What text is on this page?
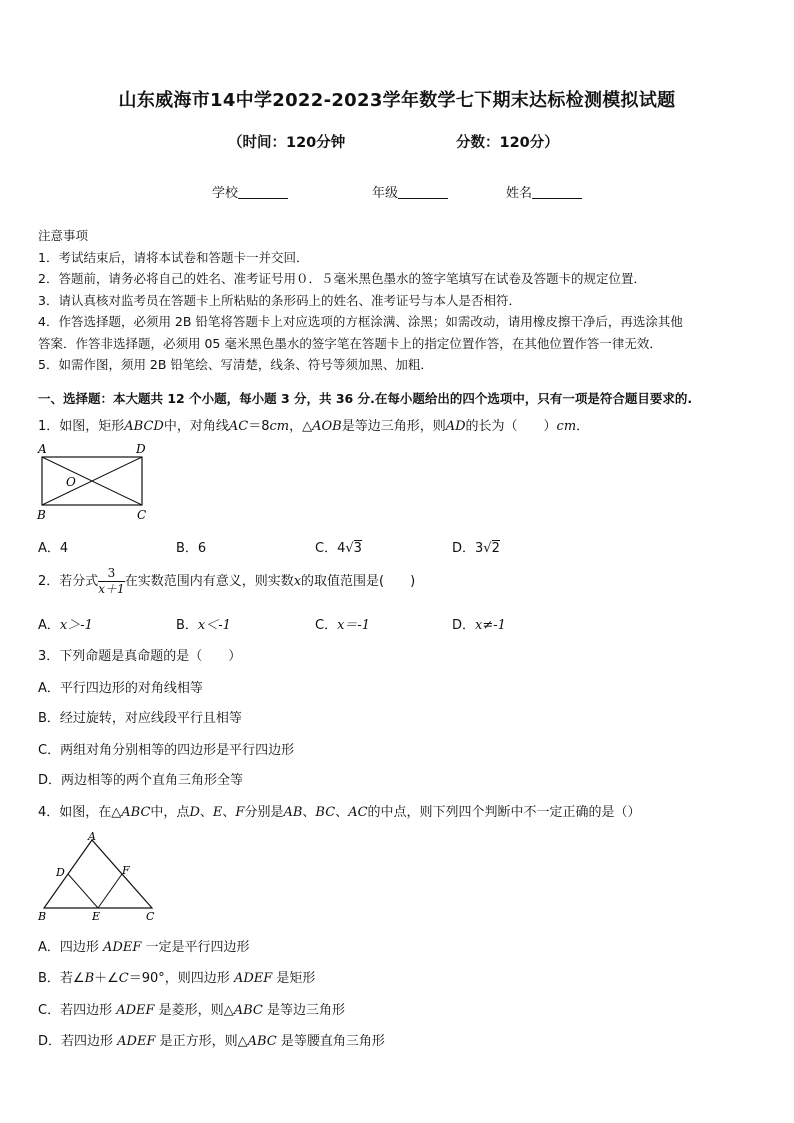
山东威海市14中学2022-2023学年数学七下期末达标检测模拟试题
（时间：120分钟	分数：120分）
学校	年级	姓名
注意事项
1．考试结束后，请将本试卷和答题卡一并交回．
2．答题前，请务必将自己的姓名、准考证号用０．５毫米黑色墨水的签字笔填写在试卷及答题卡的规定位置．
3．请认真核对监考员在答题卡上所粘贴的条形码上的姓名、准考证号与本人是否相符．
4．作答选择题，必须用 2B 铅笔将答题卡上对应选项的方框涂满、涂黑；如需改动，请用橡皮擦干净后，再选涂其他
答案．作答非选择题，必须用 05 毫米黑色墨水的签字笔在答题卡上的指定位置作答，在其他位置作答一律无效．
5．如需作图，须用 2B 铅笔绘、写清楚，线条、符号等须加黑、加粗．
一、选择题：本大题共 12 个小题，每小题 3 分，共 36 分.在每小题给出的四个选项中，只有一项是符合题目要求的.
1．如图，矩形ABCD中，对角线AC＝8cm，△AOB是等边三角形，则AD的长为（　　）cm．
A	D
B	C
O
A．4	B．6	C．4√3	D．3√2
2．若分式 $\frac{3}{x+1}$ 在实数范围内有意义，则实数x的取值范围是(　　)
A．x＞-1	B．x＜-1	C．x＝-1	D．x≠-1
3．下列命题是真命题的是（　　）
A．平行四边形的对角线相等
B．经过旋转，对应线段平行且相等
C．两组对角分别相等的四边形是平行四边形
D．两边相等的两个直角三角形全等
4．如图，在△ABC中，点D、E、F分别是AB、BC、AC的中点，则下列四个判断中不一定正确的是（）
A
D	F
B	E	C
A．四边形 ADEF 一定是平行四边形
B．若∠B＋∠C＝90°，则四边形 ADEF 是矩形
C．若四边形 ADEF 是菱形，则△ABC 是等边三角形
D．若四边形 ADEF 是正方形，则△ABC 是等腰直角三角形
